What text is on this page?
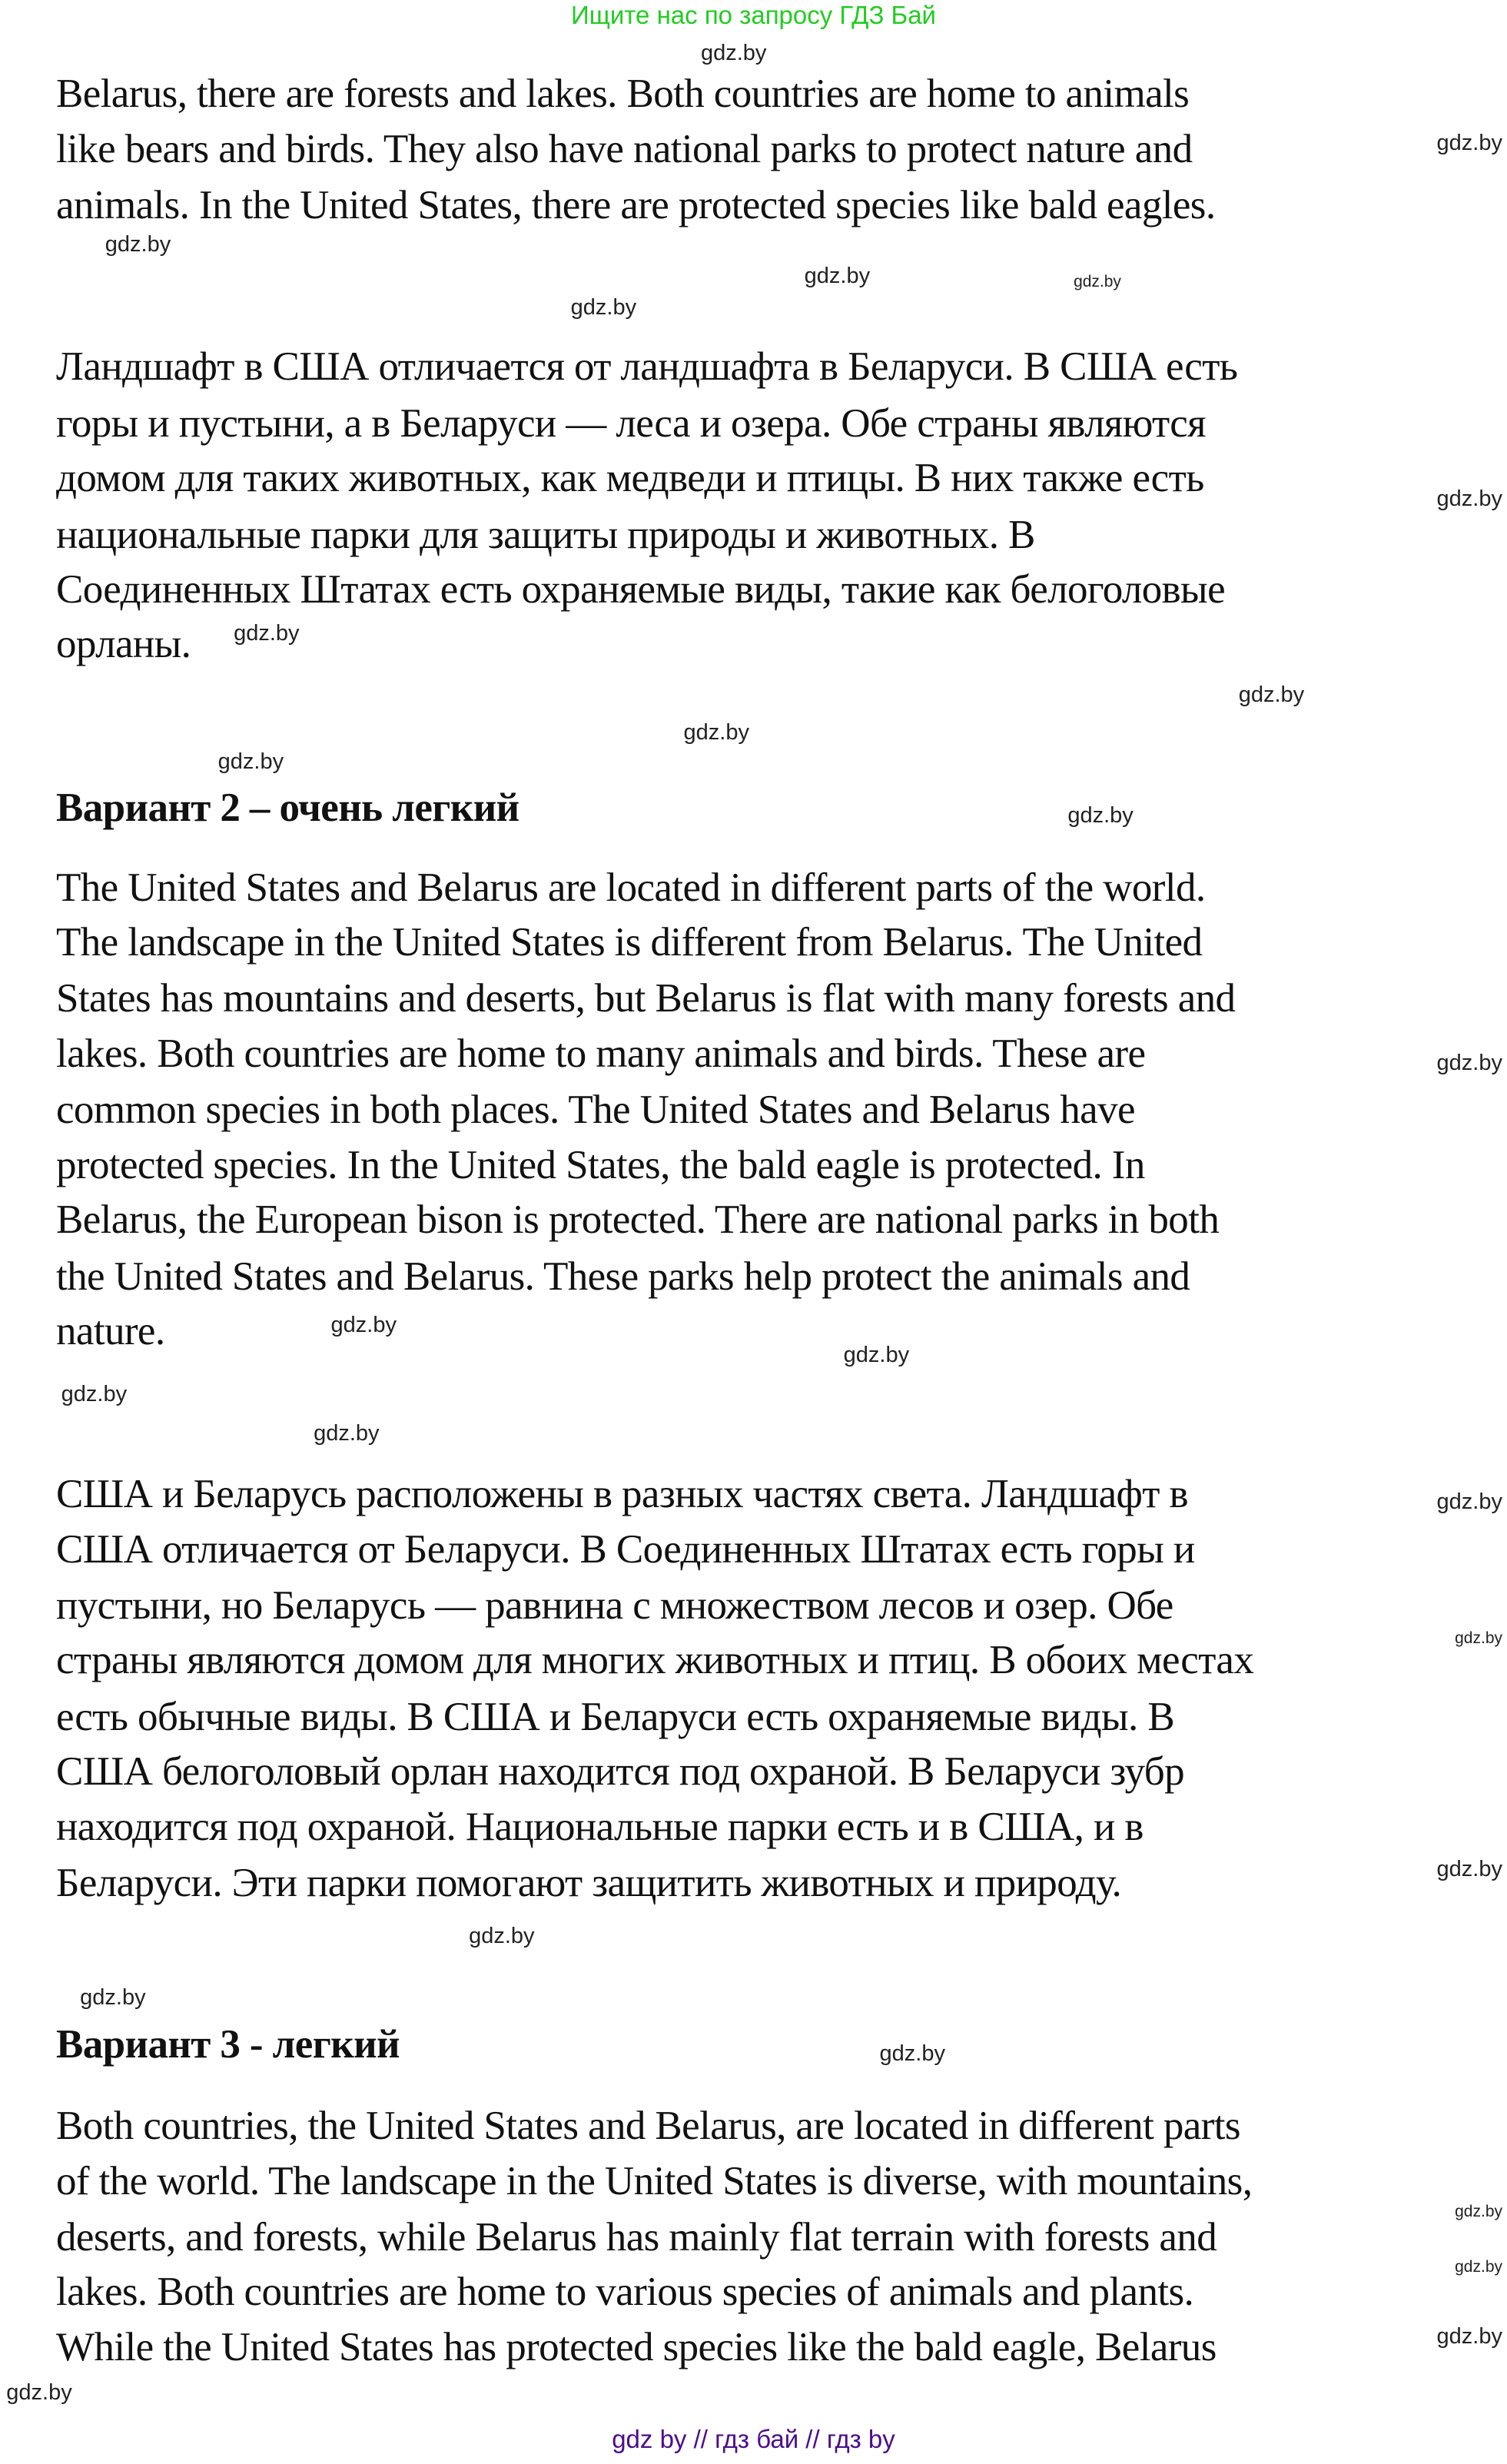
Ищите нас по запросу ГДЗ Бай
Belarus, there are forests and lakes. Both countries are home to animals
like bears and birds. They also have national parks to protect nature and
animals. In the United States, there are protected species like bald eagles.
Ландшафт в США отличается от ландшафта в Беларуси. В США есть
горы и пустыни, а в Беларуси — леса и озера. Обе страны являются
домом для таких животных, как медведи и птицы. В них также есть
национальные парки для защиты природы и животных. В
Соединенных Штатах есть охраняемые виды, такие как белоголовые
орланы.
Вариант 2 – очень легкий
The United States and Belarus are located in different parts of the world.
The landscape in the United States is different from Belarus. The United
States has mountains and deserts, but Belarus is flat with many forests and
lakes. Both countries are home to many animals and birds. These are
common species in both places. The United States and Belarus have
protected species. In the United States, the bald eagle is protected. In
Belarus, the European bison is protected. There are national parks in both
the United States and Belarus. These parks help protect the animals and
nature.
США и Беларусь расположены в разных частях света. Ландшафт в
США отличается от Беларуси. В Соединенных Штатах есть горы и
пустыни, но Беларусь — равнина с множеством лесов и озер. Обе
страны являются домом для многих животных и птиц. В обоих местах
есть обычные виды. В США и Беларуси есть охраняемые виды. В
США белоголовый орлан находится под охраной. В Беларуси зубр
находится под охраной. Национальные парки есть и в США, и в
Беларуси. Эти парки помогают защитить животных и природу.
Вариант 3 - легкий
Both countries, the United States and Belarus, are located in different parts
of the world. The landscape in the United States is diverse, with mountains,
deserts, and forests, while Belarus has mainly flat terrain with forests and
lakes. Both countries are home to various species of animals and plants.
While the United States has protected species like the bald eagle, Belarus
gdz.by
gdz.by
gdz.by
gdz.by
gdz.by
gdz.by
gdz.by
gdz.by
gdz.by
gdz.by
gdz.by
gdz.by
gdz.by
gdz.by
gdz.by
gdz.by
gdz.by
gdz.by
gdz.by
gdz.by
gdz.by
gdz.by
gdz.by
gdz.by
gdz.by
gdz.by
gdz.by
gdz by // гдз бай // гдз by
